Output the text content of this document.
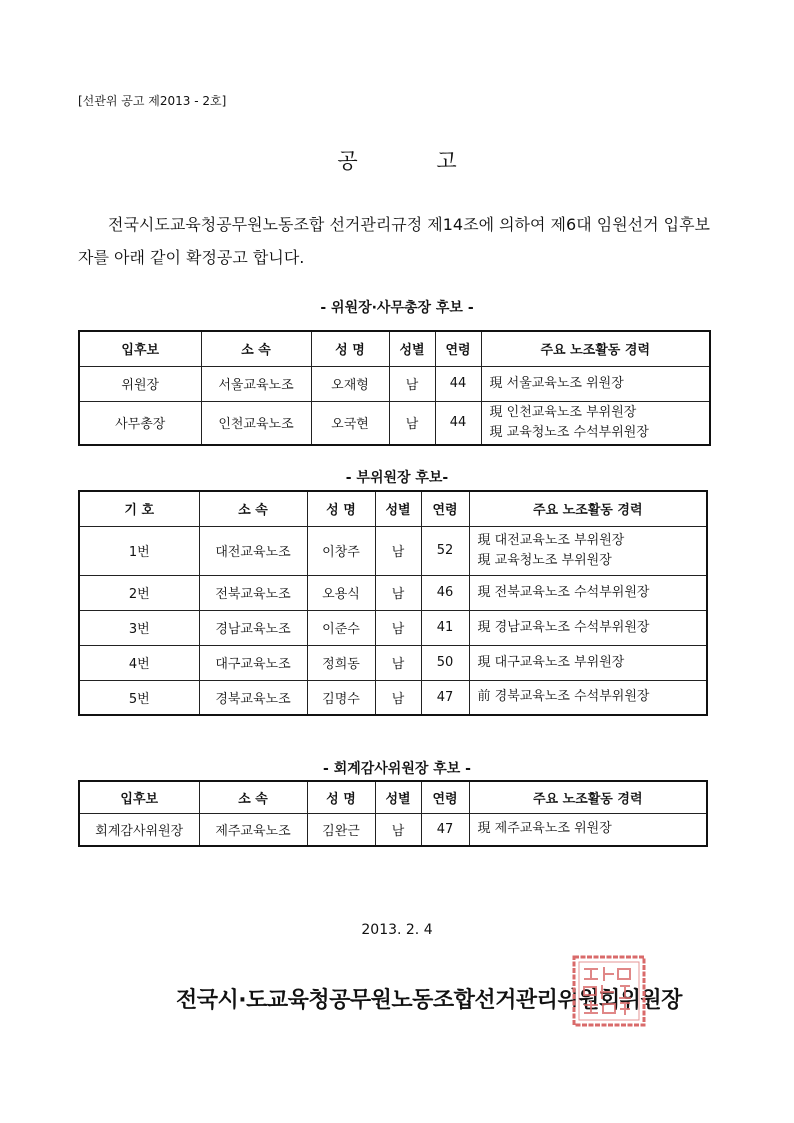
[선관위 공고 제2013 - 2호]
공 고
전국시도교육청공무원노동조합 선거관리규정 제14조에 의하여 제6대 임원선거 입후보자를 아래 같이 확정공고 합니다.
- 위원장·사무총장 후보 -
입후보	소 속	성 명	성별	연령	주요 노조활동 경력
위원장	서울교육노조	오재형	남	44	現 서울교육노조 위원장

사무총장	인천교육노조	오국현	남	44	現 인천교육노조 부위원장
現 교육청노조 수석부위원장
- 부위원장 후보-
기 호	소 속	성 명	성별	연령	주요 노조활동 경력
1번	대전교육노조	이창주	남	52	現 대전교육노조 부위원장
現 교육청노조 부위원장

2번	전북교육노조	오용식	남	46	現 전북교육노조 수석부위원장

3번	경남교육노조	이준수	남	41	現 경남교육노조 수석부위원장

4번	대구교육노조	정희동	남	50	現 대구교육노조 부위원장

5번	경북교육노조	김명수	남	47	前 경북교육노조 수석부위원장
- 회계감사위원장 후보 -
입후보	소 속	성 명	성별	연령	주요 노조활동 경력
회계감사위원장	제주교육노조	김완근	남	47	現 제주교육노조 위원장
2013. 2. 4
전국시·도교육청공무원노동조합선거관리위원회위원장
